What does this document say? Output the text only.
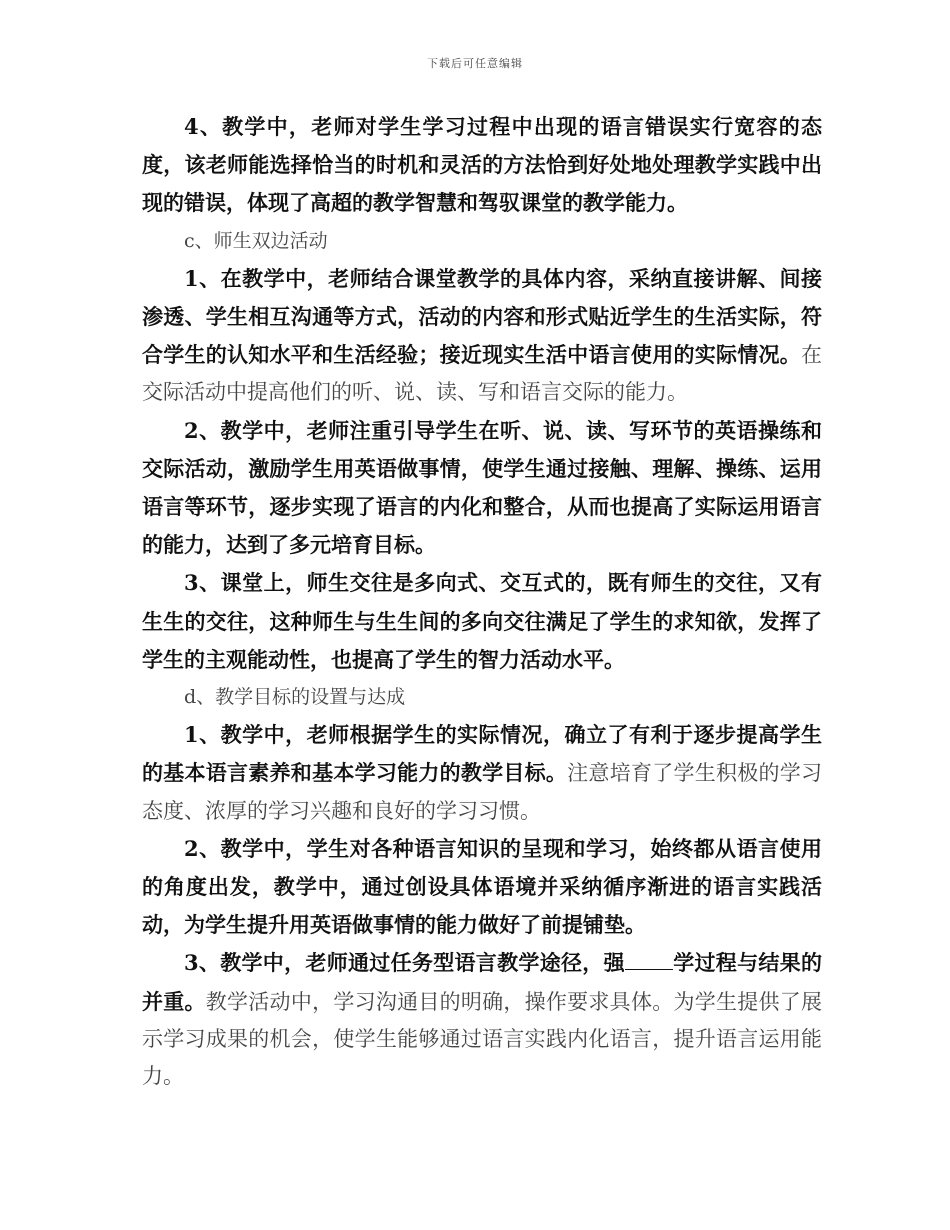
下载后可任意编辑

4、教学中，老师对学生学习过程中出现的语言错误实行宽容的态度，该老师能选择恰当的时机和灵活的方法恰到好处地处理教学实践中出现的错误，体现了高超的教学智慧和驾驭课堂的教学能力。

c、师生双边活动

1、在教学中，老师结合课堂教学的具体内容，采纳直接讲解、间接渗透、学生相互沟通等方式，活动的内容和形式贴近学生的生活实际，符合学生的认知水平和生活经验；接近现实生活中语言使用的实际情况。在交际活动中提高他们的听、说、读、写和语言交际的能力。

2、教学中，老师注重引导学生在听、说、读、写环节的英语操练和交际活动，激励学生用英语做事情，使学生通过接触、理解、操练、运用语言等环节，逐步实现了语言的内化和整合，从而也提高了实际运用语言的能力，达到了多元培育目标。

3、课堂上，师生交往是多向式、交互式的，既有师生的交往，又有生生的交往，这种师生与生生间的多向交往满足了学生的求知欲，发挥了学生的主观能动性，也提高了学生的智力活动水平。

d、教学目标的设置与达成

1、教学中，老师根据学生的实际情况，确立了有利于逐步提高学生的基本语言素养和基本学习能力的教学目标。注意培育了学生积极的学习态度、浓厚的学习兴趣和良好的学习习惯。

2、教学中，学生对各种语言知识的呈现和学习，始终都从语言使用的角度出发，教学中，通过创设具体语境并采纳循序渐进的语言实践活动，为学生提升用英语做事情的能力做好了前提铺垫。

3、教学中，老师通过任务型语言教学途径，强 学过程与结果的并重。教学活动中，学习沟通目的明确，操作要求具体。为学生提供了展示学习成果的机会，使学生能够通过语言实践内化语言，提升语言运用能力。
